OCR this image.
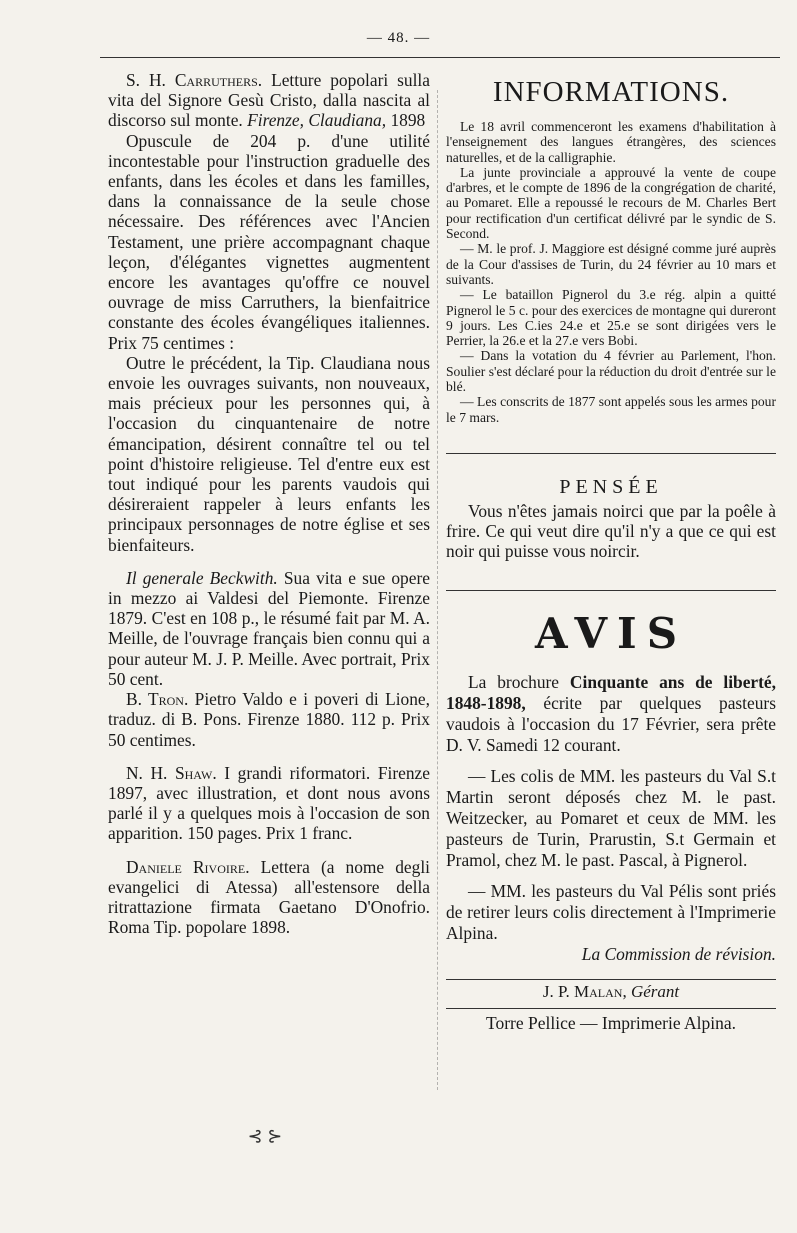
— 48. —

S. H. Carruthers. Letture popolari sulla vita del Signore Gesù Cristo, dalla nascita al discorso sul monte. Firenze, Claudiana, 1898

Opuscule de 204 p. d'une utilité incontestable pour l'instruction graduelle des enfants, dans les écoles et dans les familles, dans la connaissance de la seule chose nécessaire. Des références avec l'Ancien Testament, une prière accompagnant chaque leçon, d'élégantes vignettes augmentent encore les avantages qu'offre ce nouvel ouvrage de miss Carruthers, la bienfaitrice constante des écoles évangéliques italiennes. Prix 75 centimes :

Outre le précédent, la Tip. Claudiana nous envoie les ouvrages suivants, non nouveaux, mais précieux pour les personnes qui, à l'occasion du cinquantenaire de notre émancipation, désirent connaître tel ou tel point d'histoire religieuse. Tel d'entre eux est tout indiqué pour les parents vaudois qui désireraient rappeler à leurs enfants les principaux personnages de notre église et ses bienfaiteurs.

Il generale Beckwith. Sua vita e sue opere in mezzo ai Valdesi del Piemonte. Firenze 1879. C'est en 108 p., le résumé fait par M. A. Meille, de l'ouvrage français bien connu qui a pour auteur M. J. P. Meille. Avec portrait, Prix 50 cent.

B. Tron. Pietro Valdo e i poveri di Lione, traduz. di B. Pons. Firenze 1880. 112 p. Prix 50 centimes.

N. H. Shaw. I grandi riformatori. Firenze 1897, avec illustration, et dont nous avons parlé il y a quelques mois à l'occasion de son apparition. 150 pages. Prix 1 franc.

Daniele Rivoire. Lettera (a nome degli evangelici di Atessa) all'estensore della ritrattazione firmata Gaetano D'Onofrio. Roma Tip. popolare 1898.

⊰ ⊱
INFORMATIONS.

Le 18 avril commenceront les examens d'habilitation à l'enseignement des langues étrangères, des sciences naturelles, et de la calligraphie.

La junte provinciale a approuvé la vente de coupe d'arbres, et le compte de 1896 de la congrégation de charité, au Pomaret. Elle a repoussé le recours de M. Charles Bert pour rectification d'un certificat délivré par le syndic de S. Second.

— M. le prof. J. Maggiore est désigné comme juré auprès de la Cour d'assises de Turin, du 24 février au 10 mars et suivants.

— Le bataillon Pignerol du 3.e rég. alpin a quitté Pignerol le 5 c. pour des exercices de montagne qui dureront 9 jours. Les C.ies 24.e et 25.e se sont dirigées vers le Perrier, la 26.e et la 27.e vers Bobi.

— Dans la votation du 4 février au Parlement, l'hon. Soulier s'est déclaré pour la réduction du droit d'entrée sur le blé.

— Les conscrits de 1877 sont appelés sous les armes pour le 7 mars.

PENSÉE

Vous n'êtes jamais noirci que par la poêle à frire. Ce qui veut dire qu'il n'y a que ce qui est noir qui puisse vous noircir.

AVIS

La brochure Cinquante ans de liberté, 1848-1898, écrite par quelques pasteurs vaudois à l'occasion du 17 Février, sera prête D. V. Samedi 12 courant.

— Les colis de MM. les pasteurs du Val S.t Martin seront déposés chez M. le past. Weitzecker, au Pomaret et ceux de MM. les pasteurs de Turin, Prarustin, S.t Germain et Pramol, chez M. le past. Pascal, à Pignerol.

— MM. les pasteurs du Val Pélis sont priés de retirer leurs colis directement à l'Imprimerie Alpina.

La Commission de révision.

J. P. Malan, Gérant

Torre Pellice — Imprimerie Alpina.
